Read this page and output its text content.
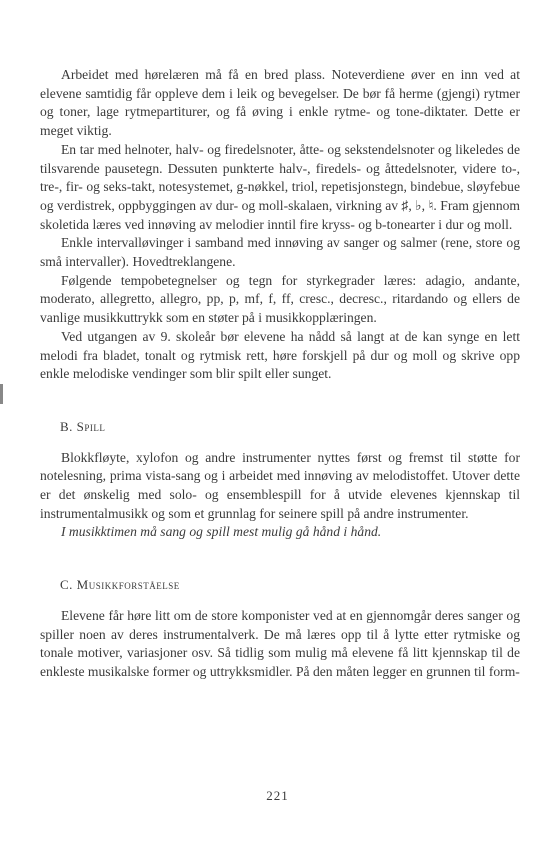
Arbeidet med hørelæren må få en bred plass. Noteverdiene øver en inn ved at elevene samtidig får oppleve dem i leik og bevegelser. De bør få herme (gjengi) rytmer og toner, lage rytmepartiturer, og få øving i enkle rytme- og tone-diktater. Dette er meget viktig.

En tar med helnoter, halv- og firedelsnoter, åtte- og sekstendelsnoter og likeledes de tilsvarende pausetegn. Dessuten punkterte halv-, firedels- og åttedelsnoter, videre to-, tre-, fir- og seks-takt, notesystemet, g-nøkkel, triol, repetisjonstegn, bindebue, sløyfebue og verdistrek, oppbyggingen av dur- og moll-skalaen, virkning av ♯, ♭, ♮. Fram gjennom skoletida læres ved innøving av melodier inntil fire kryss- og b-tonearter i dur og moll.

Enkle intervalløvinger i samband med innøving av sanger og salmer (rene, store og små intervaller). Hovedtreklangene.

Følgende tempobetegnelser og tegn for styrkegrader læres: adagio, andante, moderato, allegretto, allegro, pp, p, mf, f, ff, cresc., decresc., ritardando og ellers de vanlige musikkuttrykk som en støter på i musikkopplæringen.

Ved utgangen av 9. skoleår bør elevene ha nådd så langt at de kan synge en lett melodi fra bladet, tonalt og rytmisk rett, høre forskjell på dur og moll og skrive opp enkle melodiske vendinger som blir spilt eller sunget.

B. Spill

Blokkfløyte, xylofon og andre instrumenter nyttes først og fremst til støtte for notelesning, prima vista-sang og i arbeidet med innøving av melodistoffet. Utover dette er det ønskelig med solo- og ensemblespill for å utvide elevenes kjennskap til instrumentalmusikk og som et grunnlag for seinere spill på andre instrumenter.

I musikktimen må sang og spill mest mulig gå hånd i hånd.

C. Musikkforståelse

Elevene får høre litt om de store komponister ved at en gjennomgår deres sanger og spiller noen av deres instrumentalverk. De må læres opp til å lytte etter rytmiske og tonale motiver, variasjoner osv. Så tidlig som mulig må elevene få litt kjennskap til de enkleste musikalske former og uttrykksmidler. På den måten legger en grunnen til form-

221
